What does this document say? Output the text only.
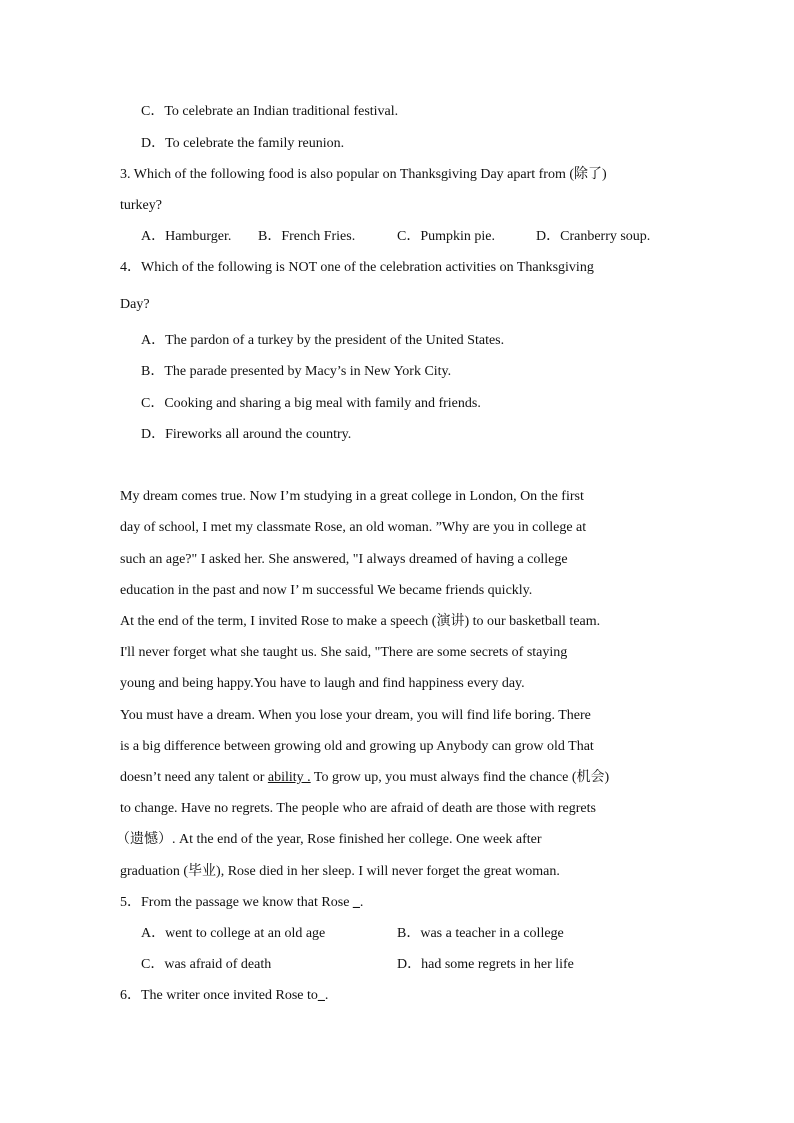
C．To celebrate an Indian traditional festival.
D．To celebrate the family reunion.
3. Which of the following food is also popular on Thanksgiving Day apart from (除了)
turkey?
A．Hamburger. B．French Fries.	C．Pumpkin pie.	D．Cranberry soup.
4．Which of the following is NOT one of the celebration activities on Thanksgiving
Day?
A．The pardon of a turkey by the president of the United States.
B．The parade presented by Macy’s in New York City.
C．Cooking and sharing a big meal with family and friends.
D．Fireworks all around the country.
My dream comes true. Now I’m studying in a great college in London, On the first
day of school, I met my classmate Rose, an old woman. ”Why are you in college at
such an age?" I asked her. She answered, "I always dreamed of having a college
education in the past and now I’ m successful We became friends quickly.
At the end of the term, I invited Rose to make a speech (演讲) to our basketball team.
I'll never forget what she taught us. She said, "There are some secrets of staying
young and being happy.You have to laugh and find happiness every day.
You must have a dream. When you lose your dream, you will find life boring. There
is a big difference between growing old and growing up Anybody can grow old That
doesn’t need any talent or ability . To grow up, you must always find the chance (机会)
to change. Have no regrets. The people who are afraid of death are those with regrets
（遗憾）. At the end of the year, Rose finished her college. One week after
graduation (毕业), Rose died in her sleep. I will never forget the great woman.
5．From the passage we know that Rose _.
A．went to college at an old age	B．was a teacher in a college
C．was afraid of death	D．had some regrets in her life
6．The writer once invited Rose to_.
